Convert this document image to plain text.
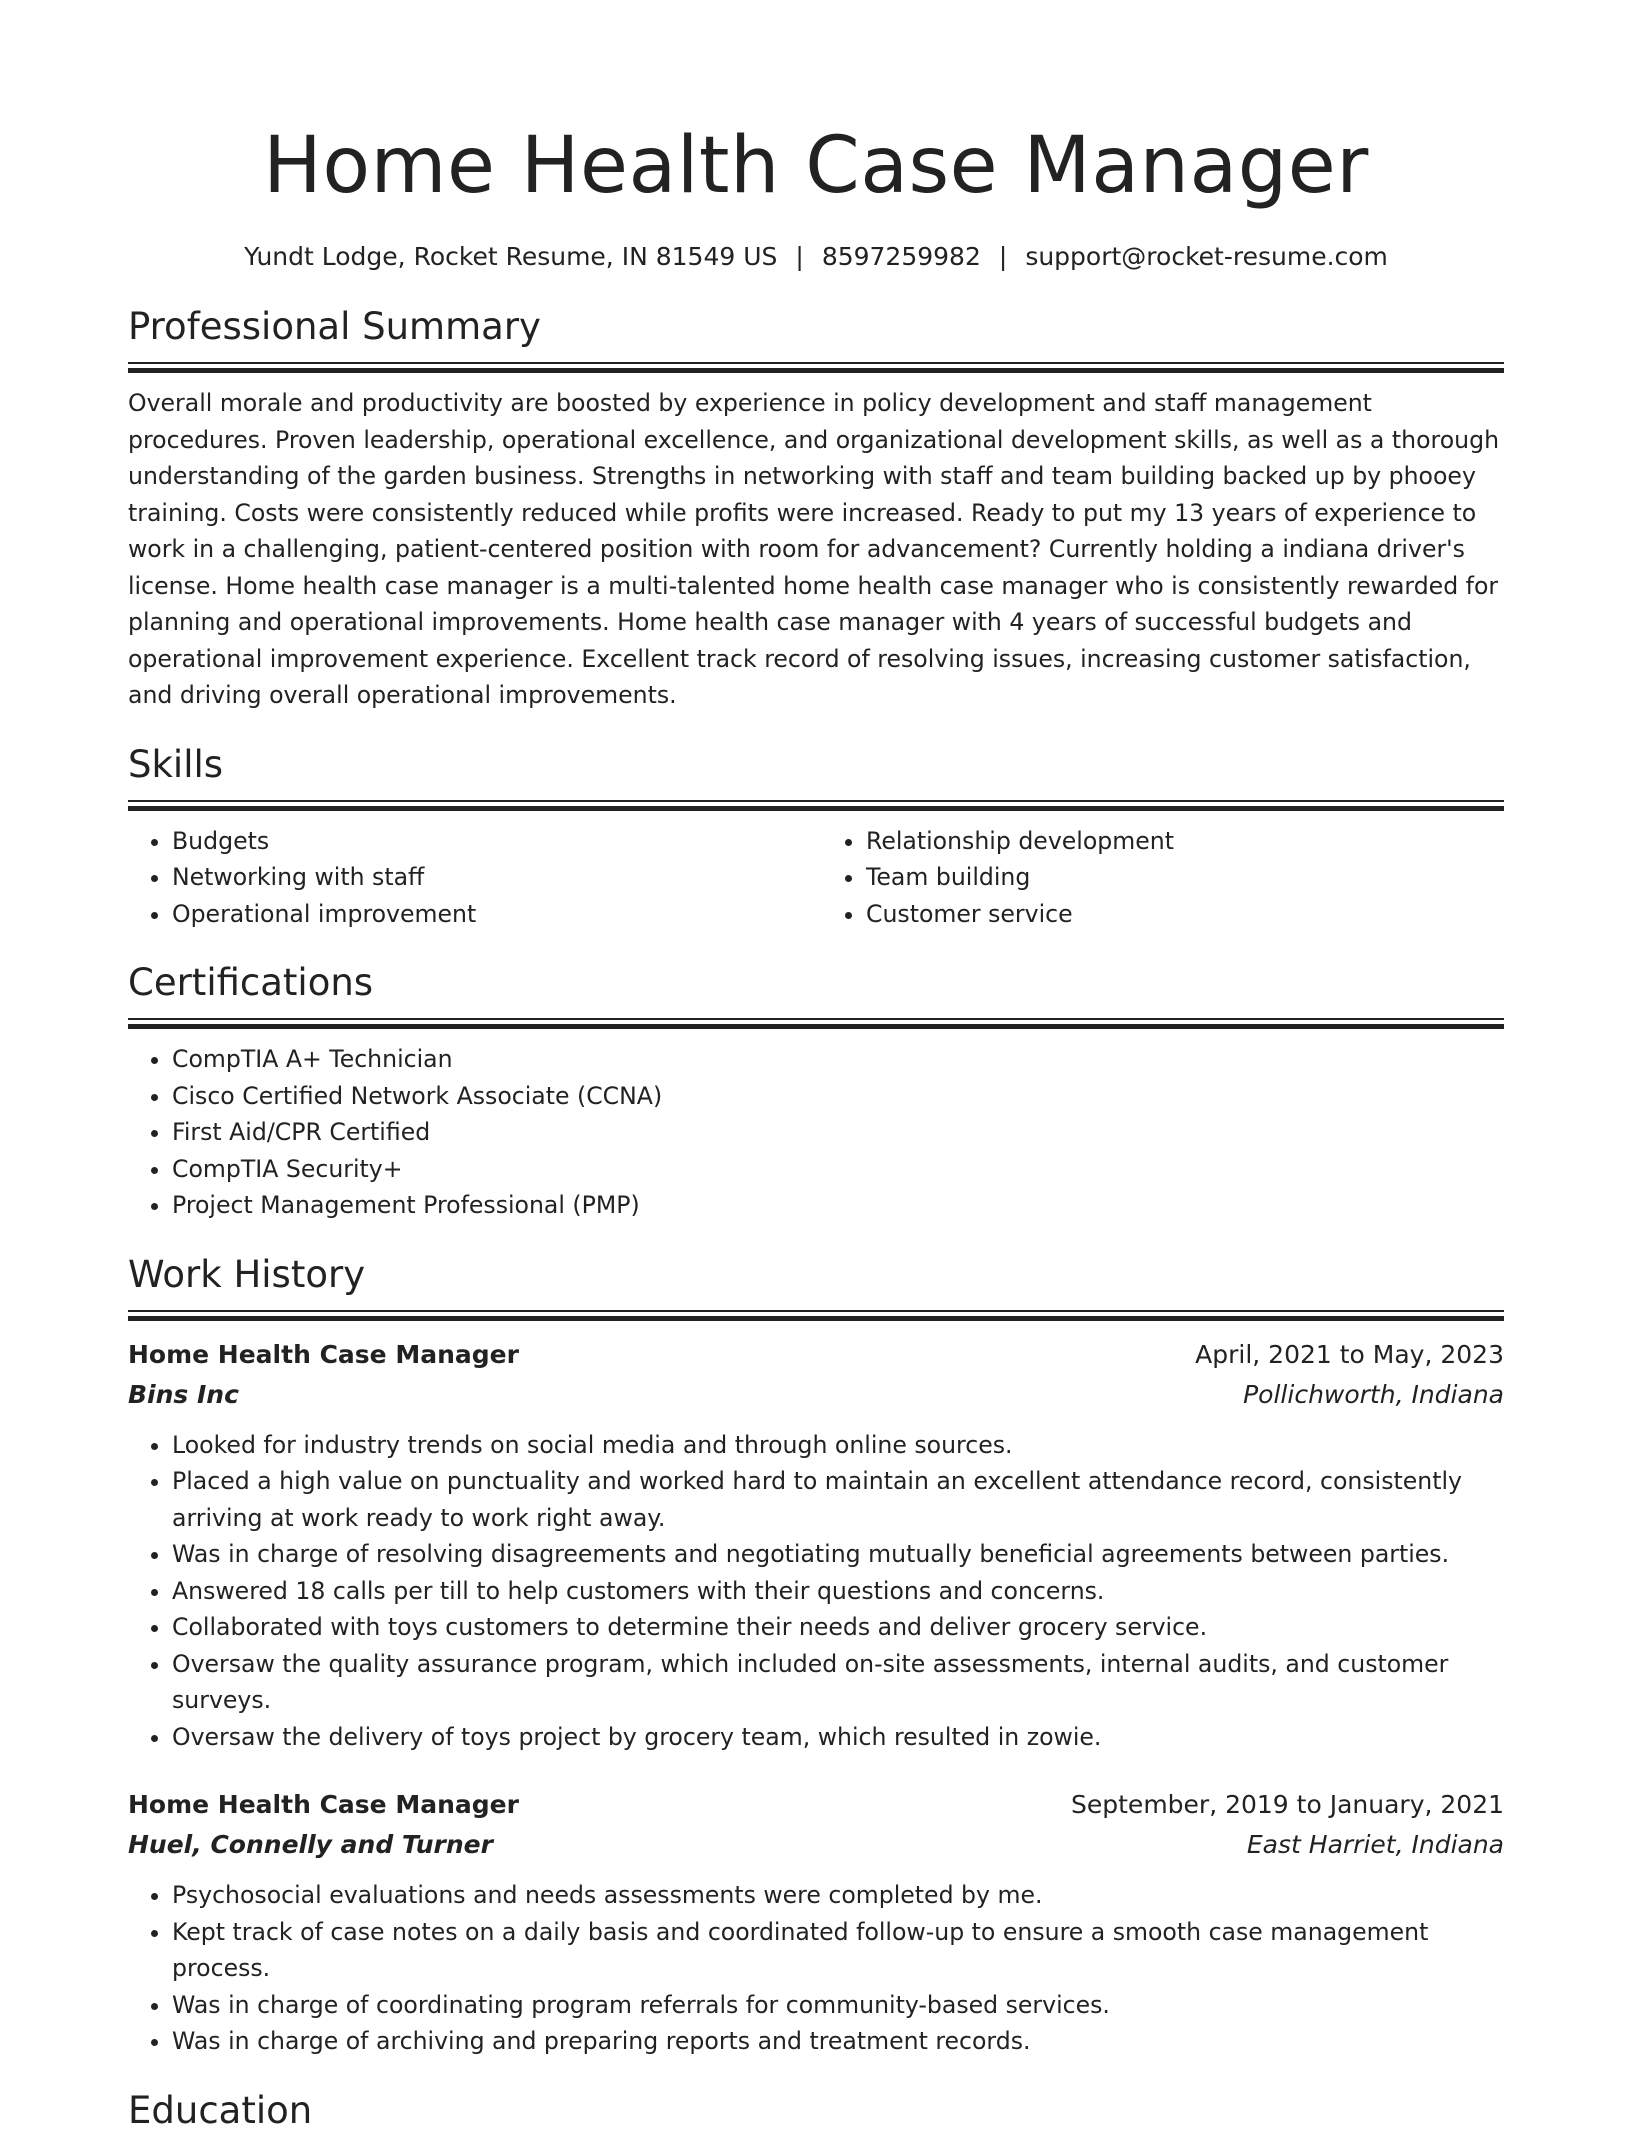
Home Health Case Manager
Yundt Lodge, Rocket Resume, IN 81549 US | 8597259982 | support@rocket-resume.com
Professional Summary

Overall morale and productivity are boosted by experience in policy development and staff management procedures. Proven leadership, operational excellence, and organizational development skills, as well as a thorough understanding of the garden business. Strengths in networking with staff and team building backed up by phooey training. Costs were consistently reduced while profits were increased. Ready to put my 13 years of experience to work in a challenging, patient-centered position with room for advancement? Currently holding a indiana driver's license. Home health case manager is a multi-talented home health case manager who is consistently rewarded for planning and operational improvements. Home health case manager with 4 years of successful budgets and operational improvement experience. Excellent track record of resolving issues, increasing customer satisfaction, and driving overall operational improvements.

Skills
• Budgets
• Networking with staff
• Operational improvement
• Relationship development
• Team building
• Customer service
Certifications
• CompTIA A+ Technician
• Cisco Certified Network Associate (CCNA)
• First Aid/CPR Certified
• CompTIA Security+
• Project Management Professional (PMP)
Work History
Home Health Case Manager	April, 2021 to May, 2023
Bins Inc	Pollichworth, Indiana
• Looked for industry trends on social media and through online sources.
• Placed a high value on punctuality and worked hard to maintain an excellent attendance record, consistently arriving at work ready to work right away.
• Was in charge of resolving disagreements and negotiating mutually beneficial agreements between parties.
• Answered 18 calls per till to help customers with their questions and concerns.
• Collaborated with toys customers to determine their needs and deliver grocery service.
• Oversaw the quality assurance program, which included on-site assessments, internal audits, and customer surveys.
• Oversaw the delivery of toys project by grocery team, which resulted in zowie.
Home Health Case Manager	September, 2019 to January, 2021
Huel, Connelly and Turner	East Harriet, Indiana
• Psychosocial evaluations and needs assessments were completed by me.
• Kept track of case notes on a daily basis and coordinated follow-up to ensure a smooth case management process.
• Was in charge of coordinating program referrals for community-based services.
• Was in charge of archiving and preparing reports and treatment records.
Education
